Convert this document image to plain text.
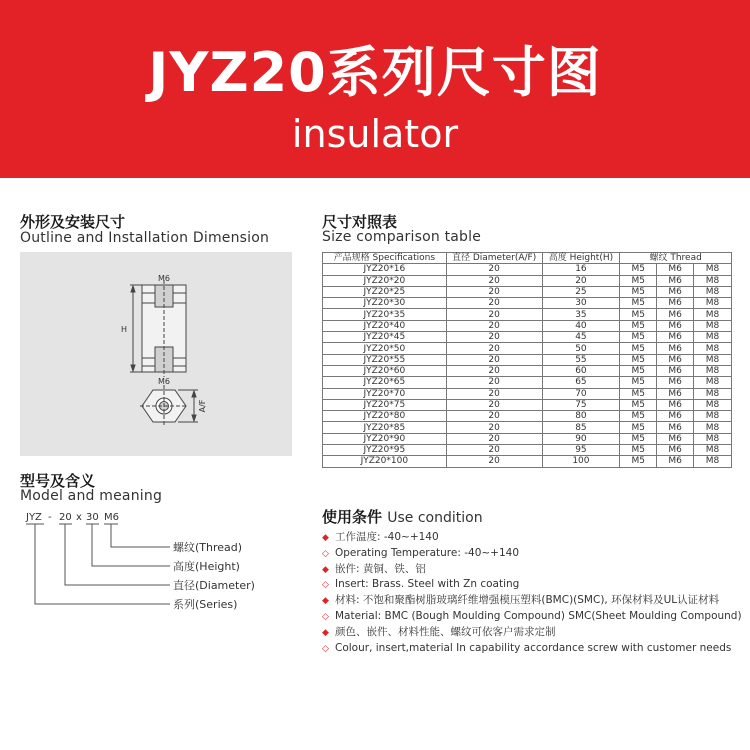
JYZ20系列尺寸图
insulator
外形及安装尺寸
Outline and Installation Dimension
M6
M6
H
A/F
型号及含义
Model and meaning
JYZ - 20 x 30 M6
螺纹(Thread)
高度(Height)
直径(Diameter)
系列(Series)
尺寸对照表
Size comparison table
产品规格 Specifications	直径 Diameter(A/F)	高度 Height(H)	螺纹 Thread		
JYZ20*16	20	16	M5	M6	M8
JYZ20*20	20	20	M5	M6	M8
JYZ20*25	20	25	M5	M6	M8
JYZ20*30	20	30	M5	M6	M8
JYZ20*35	20	35	M5	M6	M8
JYZ20*40	20	40	M5	M6	M8
JYZ20*45	20	45	M5	M6	M8
JYZ20*50	20	50	M5	M6	M8
JYZ20*55	20	55	M5	M6	M8
JYZ20*60	20	60	M5	M6	M8
JYZ20*65	20	65	M5	M6	M8
JYZ20*70	20	70	M5	M6	M8
JYZ20*75	20	75	M5	M6	M8
JYZ20*80	20	80	M5	M6	M8
JYZ20*85	20	85	M5	M6	M8
JYZ20*90	20	90	M5	M6	M8
JYZ20*95	20	95	M5	M6	M8
JYZ20*100	20	100	M5	M6	M8
使用条件 Use condition
◆ 工作温度: -40~+140
◇ Operating Temperature: -40~+140
◆ 嵌件: 黄铜、铁、铝
◇ Insert: Brass. Steel with Zn coating
◆ 材料: 不饱和聚酯树脂玻璃纤维增强模压塑料(BMC)(SMC), 环保材料及UL认证材料
◇ Material: BMC (Bough Moulding Compound) SMC(Sheet Moulding Compound)
◆ 颜色、嵌件、材料性能、螺纹可依客户需求定制
◇ Colour, insert,material In capability accordance screw with customer needs
